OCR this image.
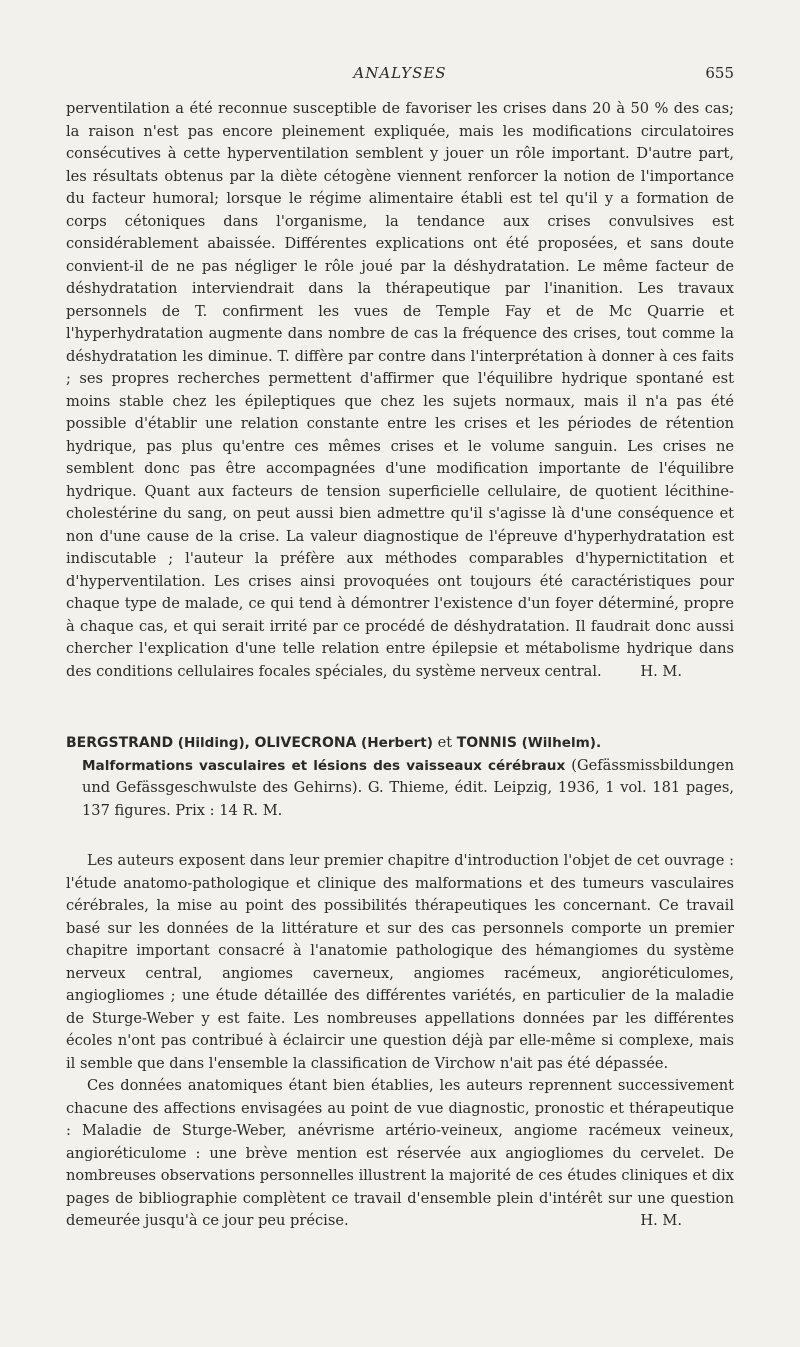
ANALYSES	655

perventilation a été reconnue susceptible de favoriser les crises dans 20 à 50 % des cas; la raison n'est pas encore pleinement expliquée, mais les modifications circulatoires consécutives à cette hyperventilation semblent y jouer un rôle important. D'autre part, les résultats obtenus par la diète cétogène viennent renforcer la notion de l'importance du facteur humoral; lorsque le régime alimentaire établi est tel qu'il y a formation de corps cétoniques dans l'organisme, la tendance aux crises convulsives est considérablement abaissée. Différentes explications ont été proposées, et sans doute convient-il de ne pas négliger le rôle joué par la déshydratation. Le même facteur de déshydratation interviendrait dans la thérapeutique par l'inanition. Les travaux personnels de T. confirment les vues de Temple Fay et de Mc Quarrie et l'hyperhydratation augmente dans nombre de cas la fréquence des crises, tout comme la déshydratation les diminue. T. diffère par contre dans l'interprétation à donner à ces faits ; ses propres recherches permettent d'affirmer que l'équilibre hydrique spontané est moins stable chez les épileptiques que chez les sujets normaux, mais il n'a pas été possible d'établir une relation constante entre les crises et les périodes de rétention hydrique, pas plus qu'entre ces mêmes crises et le volume sanguin. Les crises ne semblent donc pas être accompagnées d'une modification importante de l'équilibre hydrique. Quant aux facteurs de tension superficielle cellulaire, de quotient lécithine-cholestérine du sang, on peut aussi bien admettre qu'il s'agisse là d'une conséquence et non d'une cause de la crise. La valeur diagnostique de l'épreuve d'hyperhydratation est indiscutable ; l'auteur la préfère aux méthodes comparables d'hypernictitation et d'hyperventilation. Les crises ainsi provoquées ont toujours été caractéristiques pour chaque type de malade, ce qui tend à démontrer l'existence d'un foyer déterminé, propre à chaque cas, et qui serait irrité par ce procédé de déshydratation. Il faudrait donc aussi chercher l'explication d'une telle relation entre épilepsie et métabolisme hydrique dans des conditions cellulaires focales spéciales, du système nerveux central.	H. M.

BERGSTRAND (Hilding), OLIVECRONA (Herbert) et TONNIS (Wilhelm).
Malformations vasculaires et lésions des vaisseaux cérébraux (Gefässmissbildungen und Gefässgeschwulste des Gehirns). G. Thieme, édit. Leipzig, 1936, 1 vol. 181 pages, 137 figures. Prix : 14 R. M.

Les auteurs exposent dans leur premier chapitre d'introduction l'objet de cet ouvrage : l'étude anatomo-pathologique et clinique des malformations et des tumeurs vasculaires cérébrales, la mise au point des possibilités thérapeutiques les concernant. Ce travail basé sur les données de la littérature et sur des cas personnels comporte un premier chapitre important consacré à l'anatomie pathologique des hémangiomes du système nerveux central, angiomes caverneux, angiomes racémeux, angioréticulomes, angiogliomes ; une étude détaillée des différentes variétés, en particulier de la maladie de Sturge-Weber y est faite. Les nombreuses appellations données par les différentes écoles n'ont pas contribué à éclaircir une question déjà par elle-même si complexe, mais il semble que dans l'ensemble la classification de Virchow n'ait pas été dépassée.

Ces données anatomiques étant bien établies, les auteurs reprennent successivement chacune des affections envisagées au point de vue diagnostic, pronostic et thérapeutique : Maladie de Sturge-Weber, anévrisme artério-veineux, angiome racémeux veineux, angioréticulome : une brève mention est réservée aux angiogliomes du cervelet. De nombreuses observations personnelles illustrent la majorité de ces études cliniques et dix pages de bibliographie complètent ce travail d'ensemble plein d'intérêt sur une question demeurée jusqu'à ce jour peu précise.	H. M.
